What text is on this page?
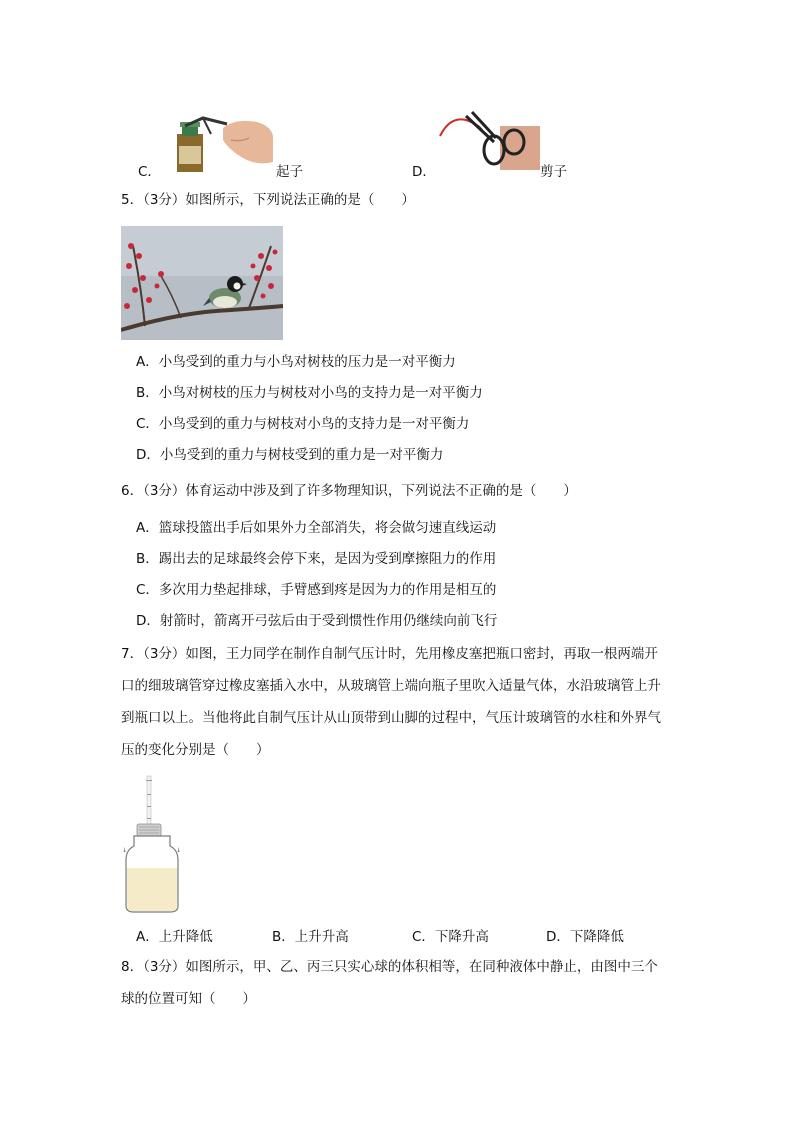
C．	起子	D．	剪子
5．（3分）如图所示，下列说法正确的是（　　）
A．小鸟受到的重力与小鸟对树枝的压力是一对平衡力
B．小鸟对树枝的压力与树枝对小鸟的支持力是一对平衡力
C．小鸟受到的重力与树枝对小鸟的支持力是一对平衡力
D．小鸟受到的重力与树枝受到的重力是一对平衡力
6．（3分）体育运动中涉及到了许多物理知识，下列说法不正确的是（　　）
A．篮球投篮出手后如果外力全部消失，将会做匀速直线运动
B．踢出去的足球最终会停下来，是因为受到摩擦阻力的作用
C．多次用力垫起排球，手臂感到疼是因为力的作用是相互的
D．射箭时，箭离开弓弦后由于受到惯性作用仍继续向前飞行
7．（3分）如图，王力同学在制作自制气压计时，先用橡皮塞把瓶口密封，再取一根两端开
口的细玻璃管穿过橡皮塞插入水中，从玻璃管上端向瓶子里吹入适量气体，水沿玻璃管上升
到瓶口以上。当他将此自制气压计从山顶带到山脚的过程中，气压计玻璃管的水柱和外界气
压的变化分别是（　　）
↓	↓
A．上升降低	B．上升升高	C．下降升高	D．下降降低
8．（3分）如图所示，甲、乙、丙三只实心球的体积相等，在同种液体中静止，由图中三个
球的位置可知（　　）
